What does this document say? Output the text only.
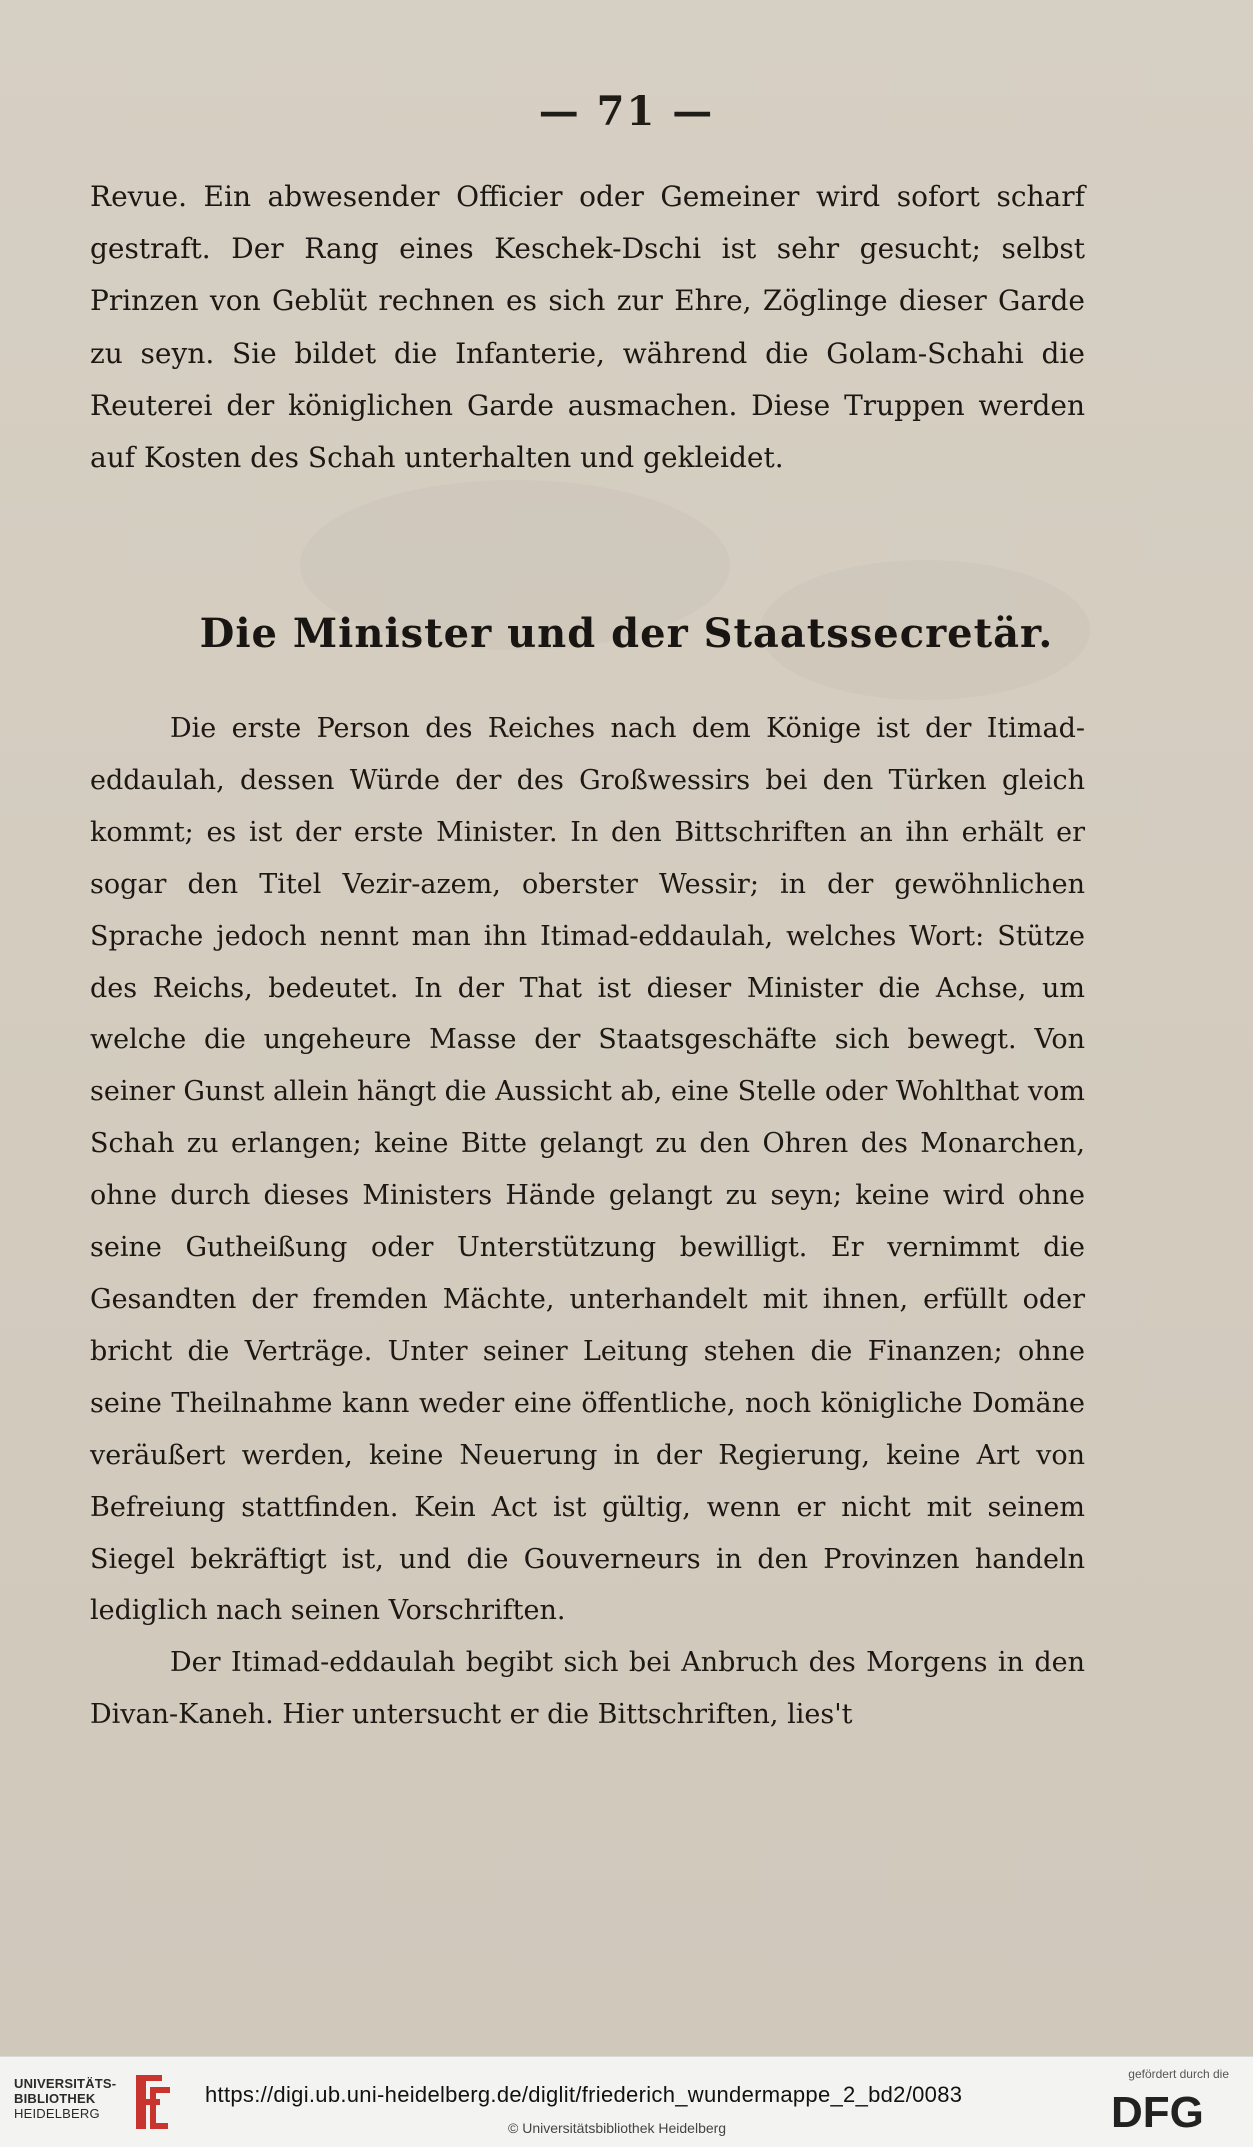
— 71 —

Revue. Ein abwesender Officier oder Gemeiner wird sofort scharf gestraft. Der Rang eines Keschek-Dschi ist sehr gesucht; selbst Prinzen von Geblüt rechnen es sich zur Ehre, Zöglinge dieser Garde zu seyn. Sie bildet die Infanterie, während die Golam-Schahi die Reuterei der königlichen Garde ausmachen. Diese Truppen werden auf Kosten des Schah unterhalten und gekleidet.

Die Minister und der Staatssecretär.

Die erste Person des Reiches nach dem Könige ist der Itimad-eddaulah, dessen Würde der des Großwessirs bei den Türken gleich kommt; es ist der erste Minister. In den Bittschriften an ihn erhält er sogar den Titel Vezir-azem, oberster Wessir; in der gewöhnlichen Sprache jedoch nennt man ihn Itimad-eddaulah, welches Wort: Stütze des Reichs, bedeutet. In der That ist dieser Minister die Achse, um welche die ungeheure Masse der Staatsgeschäfte sich bewegt. Von seiner Gunst allein hängt die Aussicht ab, eine Stelle oder Wohlthat vom Schah zu erlangen; keine Bitte gelangt zu den Ohren des Monarchen, ohne durch dieses Ministers Hände gelangt zu seyn; keine wird ohne seine Gutheißung oder Unterstützung bewilligt. Er vernimmt die Gesandten der fremden Mächte, unterhandelt mit ihnen, erfüllt oder bricht die Verträge. Unter seiner Leitung stehen die Finanzen; ohne seine Theilnahme kann weder eine öffentliche, noch königliche Domäne veräußert werden, keine Neuerung in der Regierung, keine Art von Befreiung stattfinden. Kein Act ist gültig, wenn er nicht mit seinem Siegel bekräftigt ist, und die Gouverneurs in den Provinzen handeln lediglich nach seinen Vorschriften.

Der Itimad-eddaulah begibt sich bei Anbruch des Morgens in den Divan-Kaneh. Hier untersucht er die Bittschriften, lies't

UNIVERSITÄTS-
BIBLIOTHEK
HEIDELBERG
https://digi.ub.uni-heidelberg.de/diglit/friederich_wundermappe_2_bd2/0083
© Universitätsbibliothek Heidelberg
gefördert durch die
DFG
